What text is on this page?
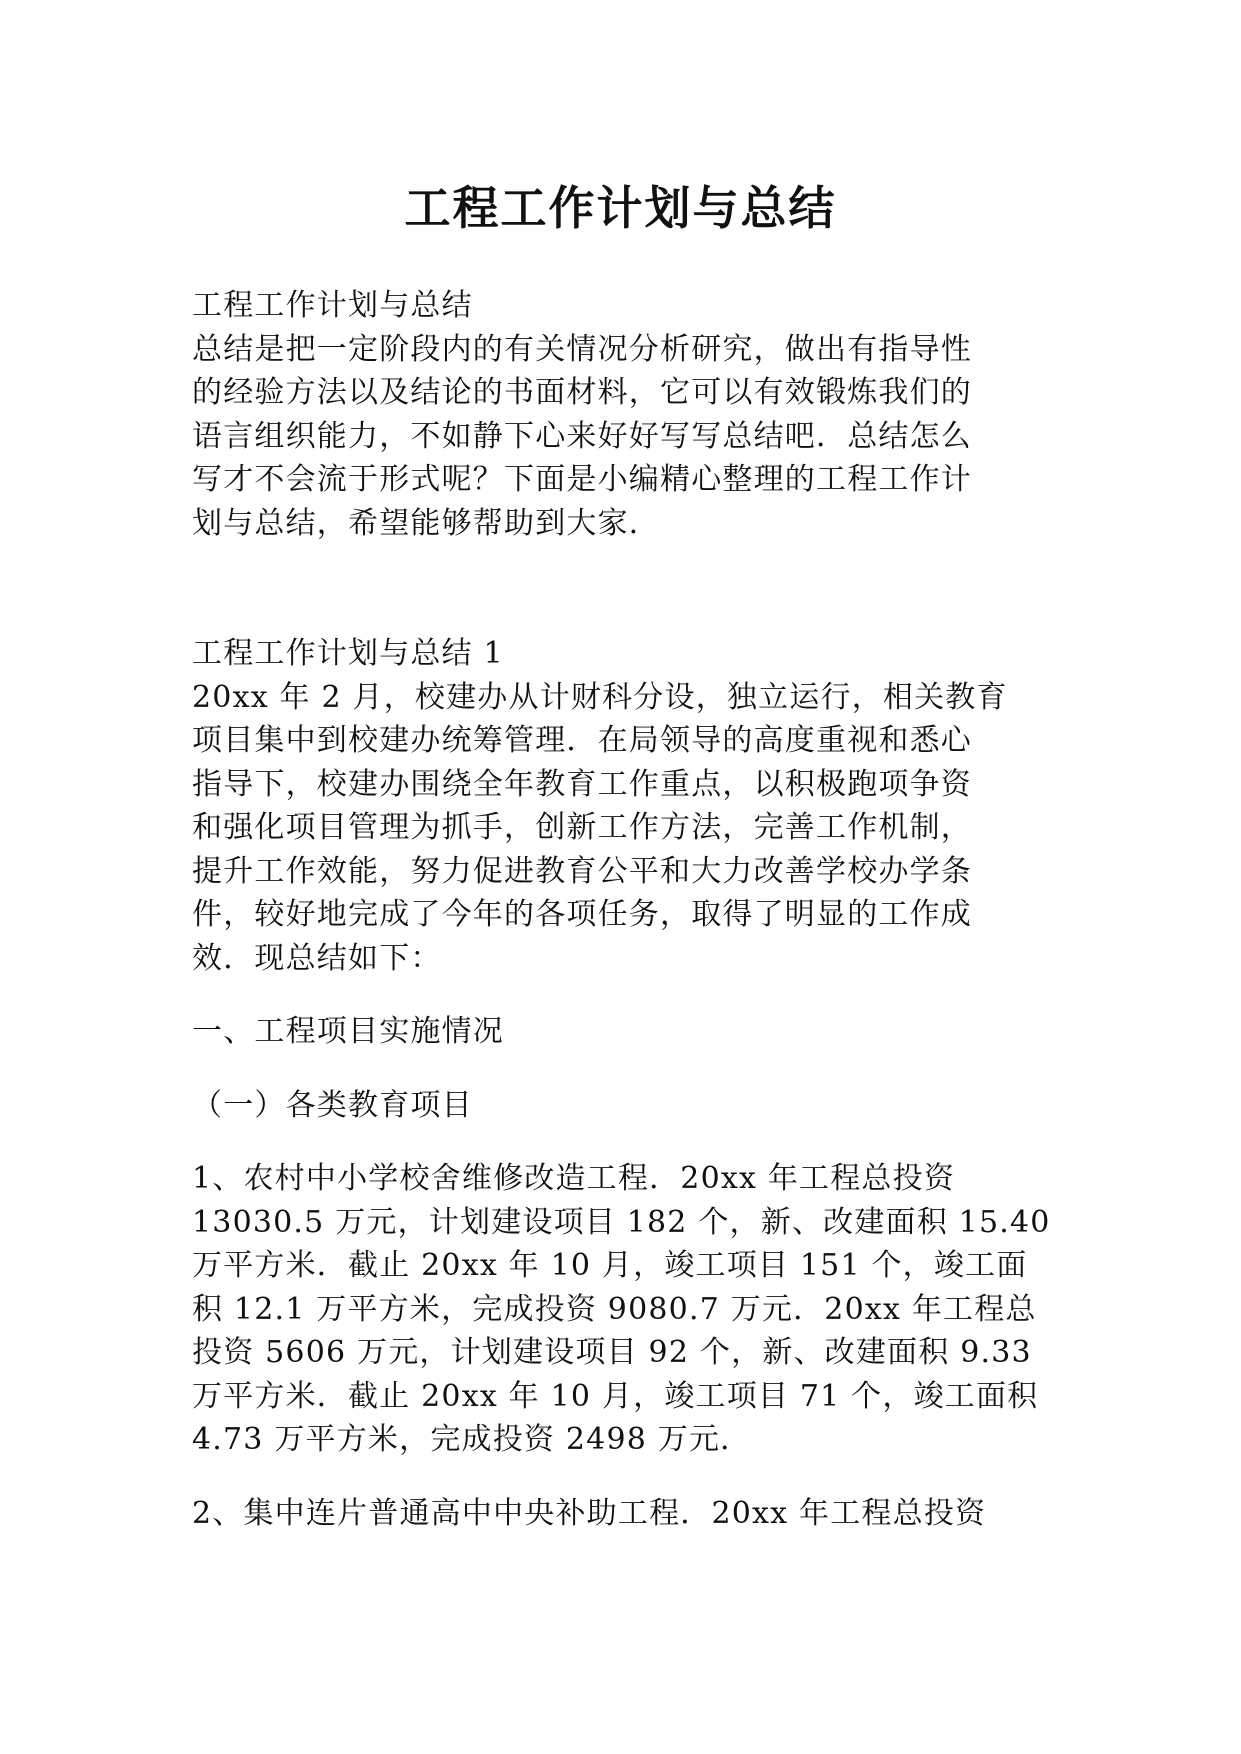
工程工作计划与总结
工程工作计划与总结
总结是把一定阶段内的有关情况分析研究，做出有指导性
的经验方法以及结论的书面材料，它可以有效锻炼我们的
语言组织能力，不如静下心来好好写写总结吧．总结怎么
写才不会流于形式呢？下面是小编精心整理的工程工作计
划与总结，希望能够帮助到大家．
工程工作计划与总结 1
20xx 年 2 月，校建办从计财科分设，独立运行，相关教育
项目集中到校建办统筹管理．在局领导的高度重视和悉心
指导下，校建办围绕全年教育工作重点，以积极跑项争资
和强化项目管理为抓手，创新工作方法，完善工作机制，
提升工作效能，努力促进教育公平和大力改善学校办学条
件，较好地完成了今年的各项任务，取得了明显的工作成
效．现总结如下：
一、工程项目实施情况
（一）各类教育项目
1、农村中小学校舍维修改造工程．20xx 年工程总投资
13030.5 万元，计划建设项目 182 个，新、改建面积 15.40
万平方米．截止 20xx 年 10 月，竣工项目 151 个，竣工面
积 12.1 万平方米，完成投资 9080.7 万元．20xx 年工程总
投资 5606 万元，计划建设项目 92 个，新、改建面积 9.33
万平方米．截止 20xx 年 10 月，竣工项目 71 个，竣工面积
4.73 万平方米，完成投资 2498 万元．
2、集中连片普通高中中央补助工程．20xx 年工程总投资
